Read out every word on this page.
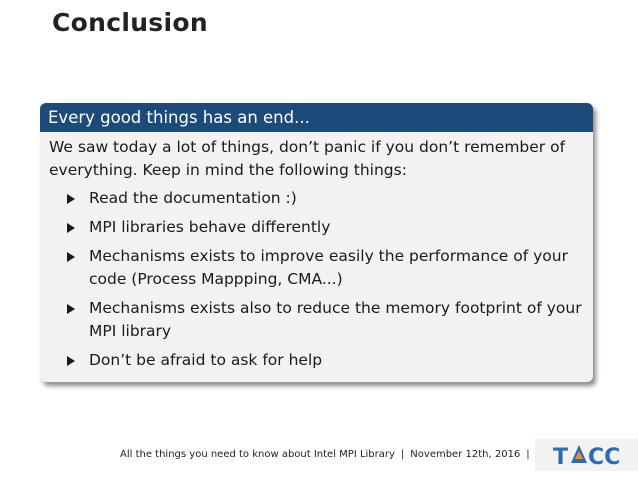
Conclusion
Every good things has an end...

We saw today a lot of things, don’t panic if you don’t remember of everything. Keep in mind the following things:

Read the documentation :)
MPI libraries behave differently
Mechanisms exists to improve easily the performance of your code (Process Mappping, CMA...)
Mechanisms exists also to reduce the memory footprint of your MPI library
Don’t be afraid to ask for help
All the things you need to know about Intel MPI Library | November 12th, 2016 |	T CC
